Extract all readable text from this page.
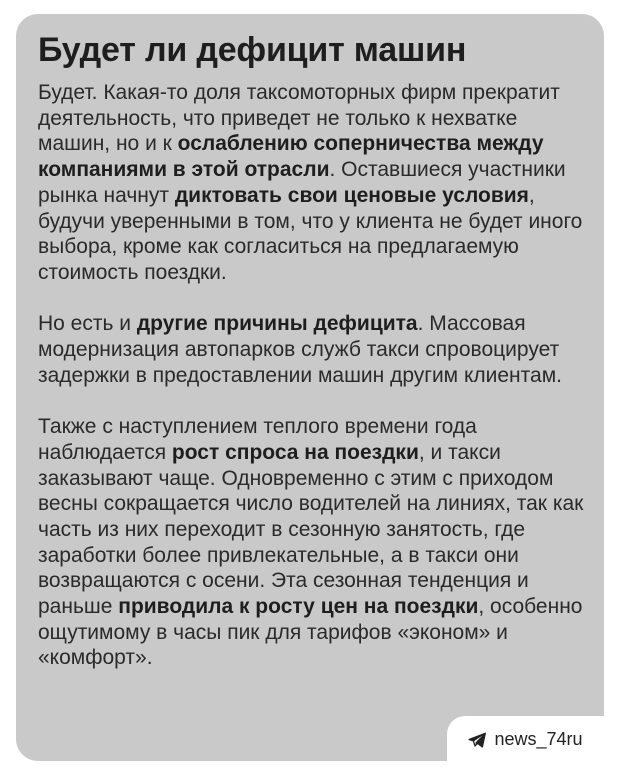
Будет ли дефицит машин

Будет. Какая-то доля таксомоторных фирм прекратит деятельность, что приведет не только к нехватке машин, но и к ослаблению соперничества между компаниями в этой отрасли. Оставшиеся участники рынка начнут диктовать свои ценовые условия, будучи уверенными в том, что у клиента не будет иного выбора, кроме как согласиться на предлагаемую стоимость поездки.

Но есть и другие причины дефицита. Массовая модернизация автопарков служб такси спровоцирует задержки в предоставлении машин другим клиентам.

Также с наступлением теплого времени года наблюдается рост спроса на поездки, и такси заказывают чаще. Одновременно с этим с приходом весны сокращается число водителей на линиях, так как часть из них переходит в сезонную занятость, где заработки более привлекательные, а в такси они возвращаются с осени. Эта сезонная тенденция и раньше приводила к росту цен на поездки, особенно ощутимому в часы пик для тарифов «эконом» и «комфорт».

news_74ru
